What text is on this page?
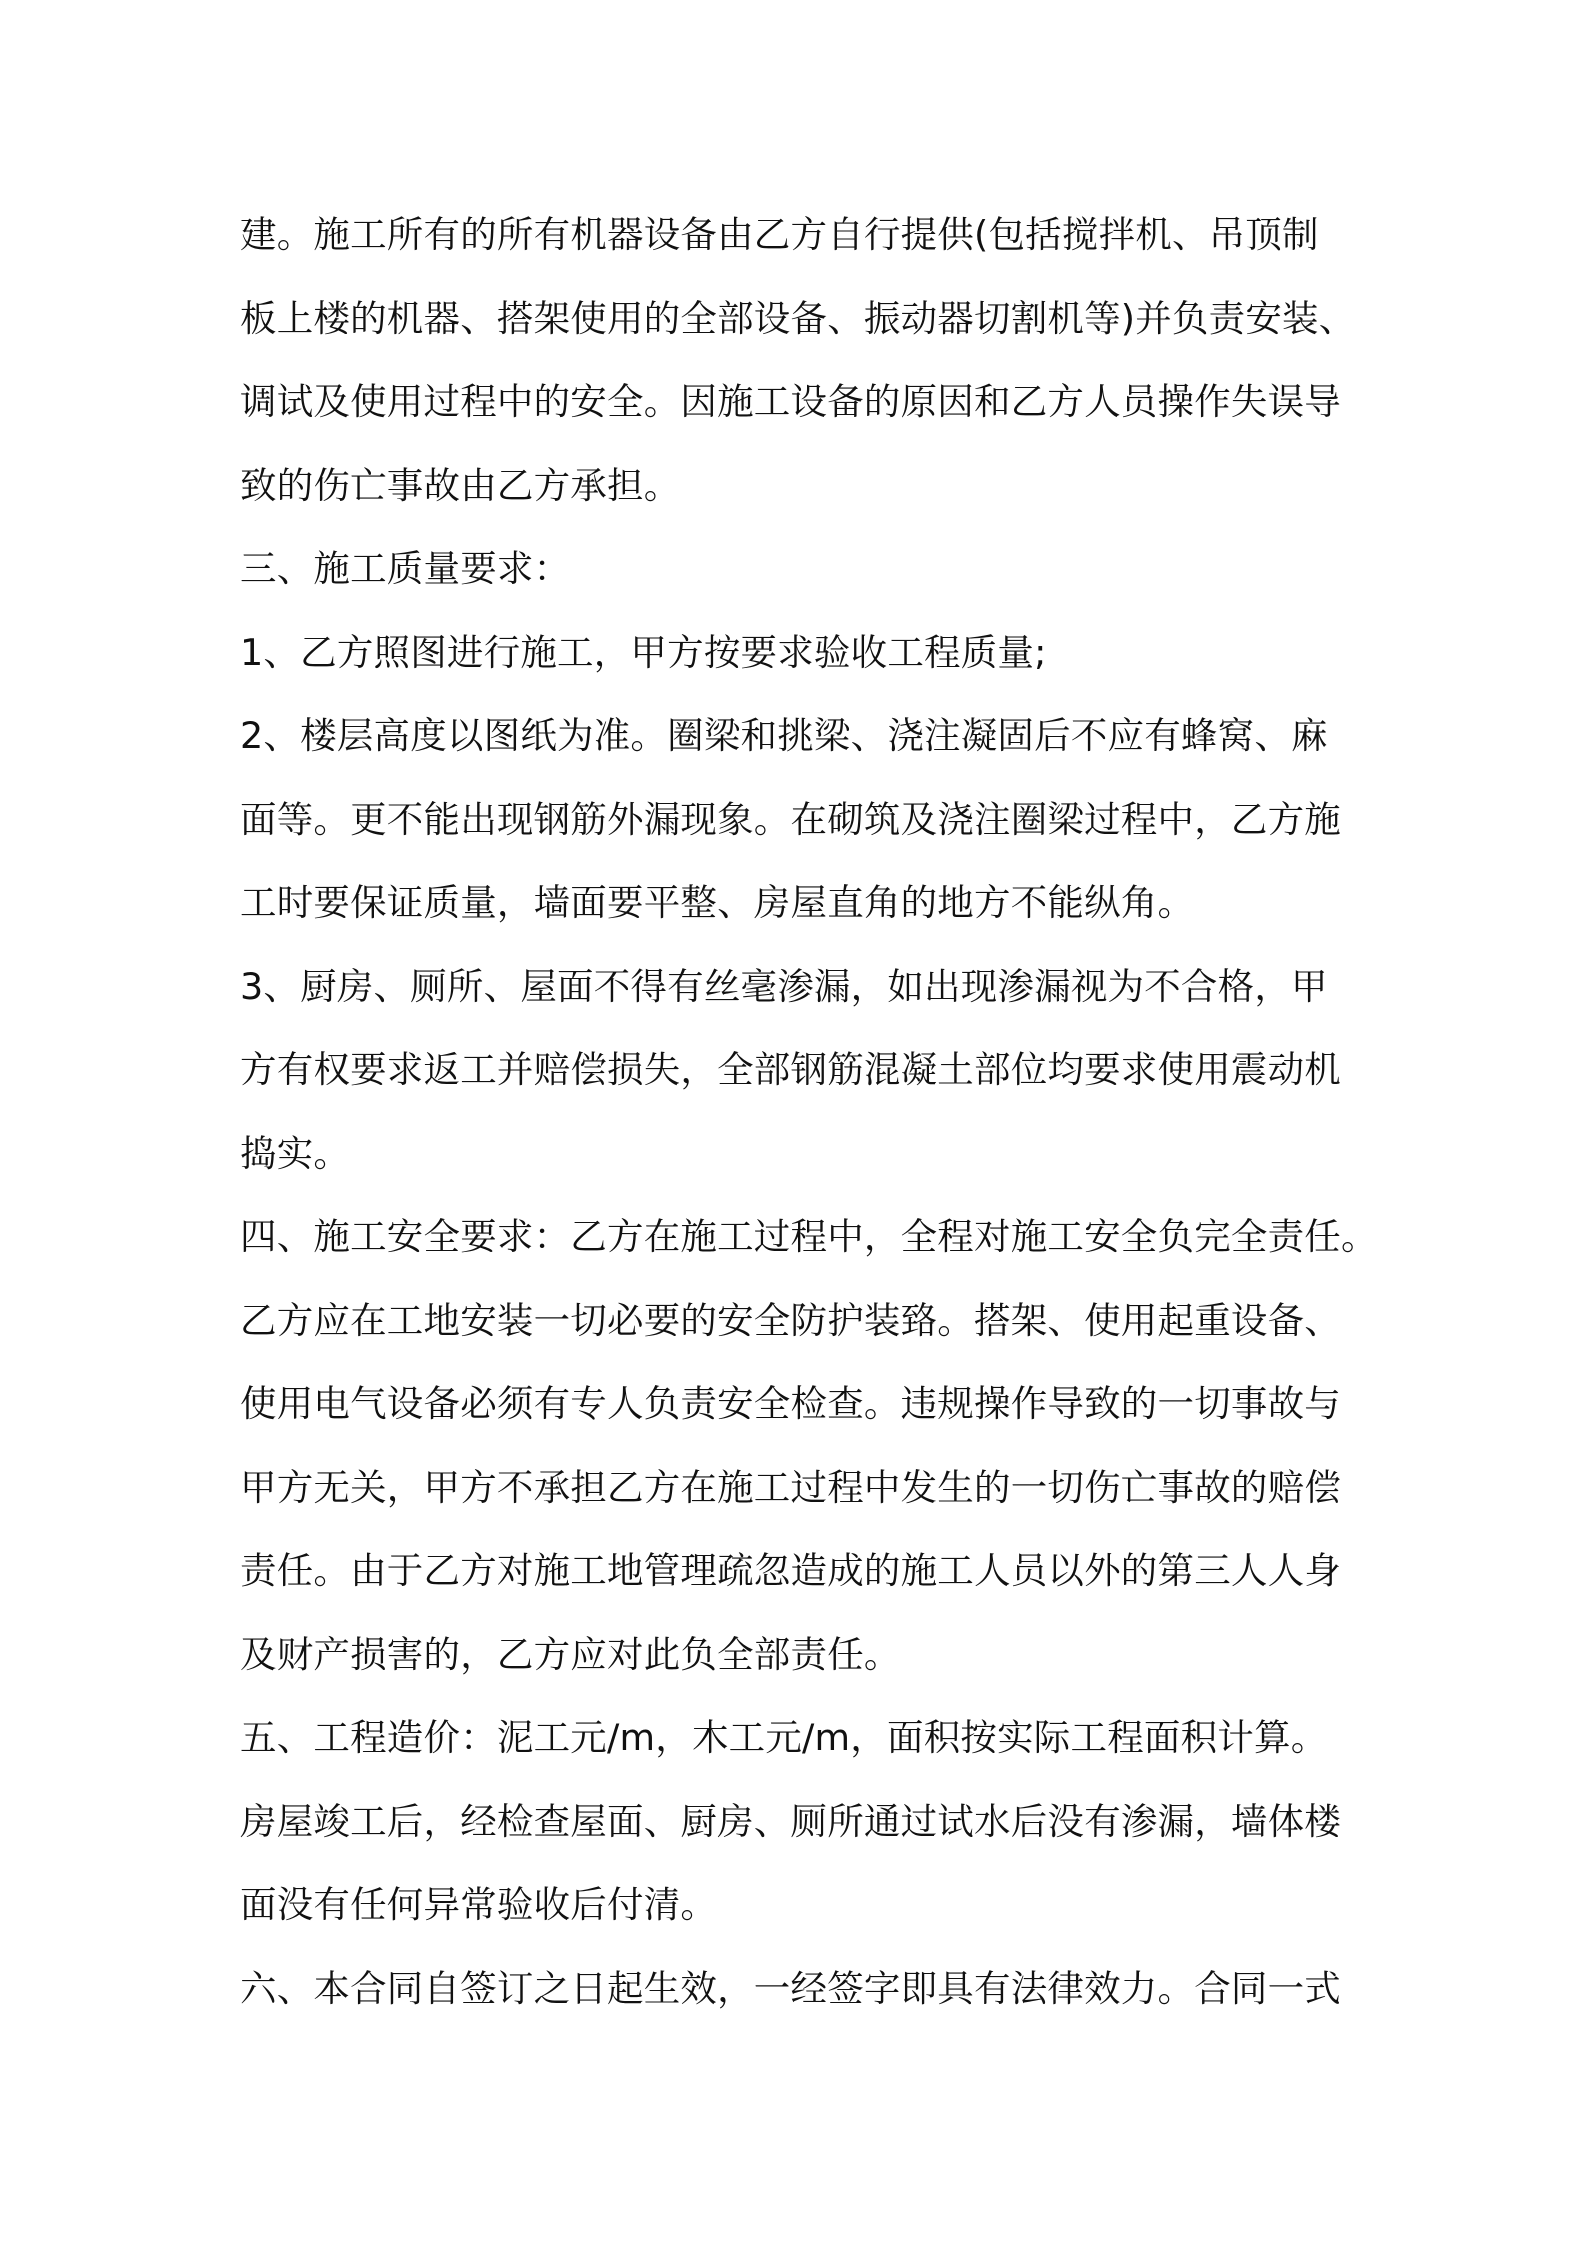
建。施工所有的所有机器设备由乙方自行提供(包括搅拌机、吊顶制
板上楼的机器、搭架使用的全部设备、振动器切割机等)并负责安装、
调试及使用过程中的安全。因施工设备的原因和乙方人员操作失误导
致的伤亡事故由乙方承担。
三、施工质量要求：
1、乙方照图进行施工，甲方按要求验收工程质量;
2、楼层高度以图纸为准。圈梁和挑梁、浇注凝固后不应有蜂窝、麻
面等。更不能出现钢筋外漏现象。在砌筑及浇注圈梁过程中，乙方施
工时要保证质量，墙面要平整、房屋直角的地方不能纵角。
3、厨房、厕所、屋面不得有丝毫渗漏，如出现渗漏视为不合格，甲
方有权要求返工并赔偿损失，全部钢筋混凝土部位均要求使用震动机
捣实。
四、施工安全要求：乙方在施工过程中，全程对施工安全负完全责任。
乙方应在工地安装一切必要的安全防护装臵。搭架、使用起重设备、
使用电气设备必须有专人负责安全检查。违规操作导致的一切事故与
甲方无关，甲方不承担乙方在施工过程中发生的一切伤亡事故的赔偿
责任。由于乙方对施工地管理疏忽造成的施工人员以外的第三人人身
及财产损害的，乙方应对此负全部责任。
五、工程造价：泥工元/m，木工元/m，面积按实际工程面积计算。
房屋竣工后，经检查屋面、厨房、厕所通过试水后没有渗漏，墙体楼
面没有任何异常验收后付清。
六、本合同自签订之日起生效，一经签字即具有法律效力。合同一式
